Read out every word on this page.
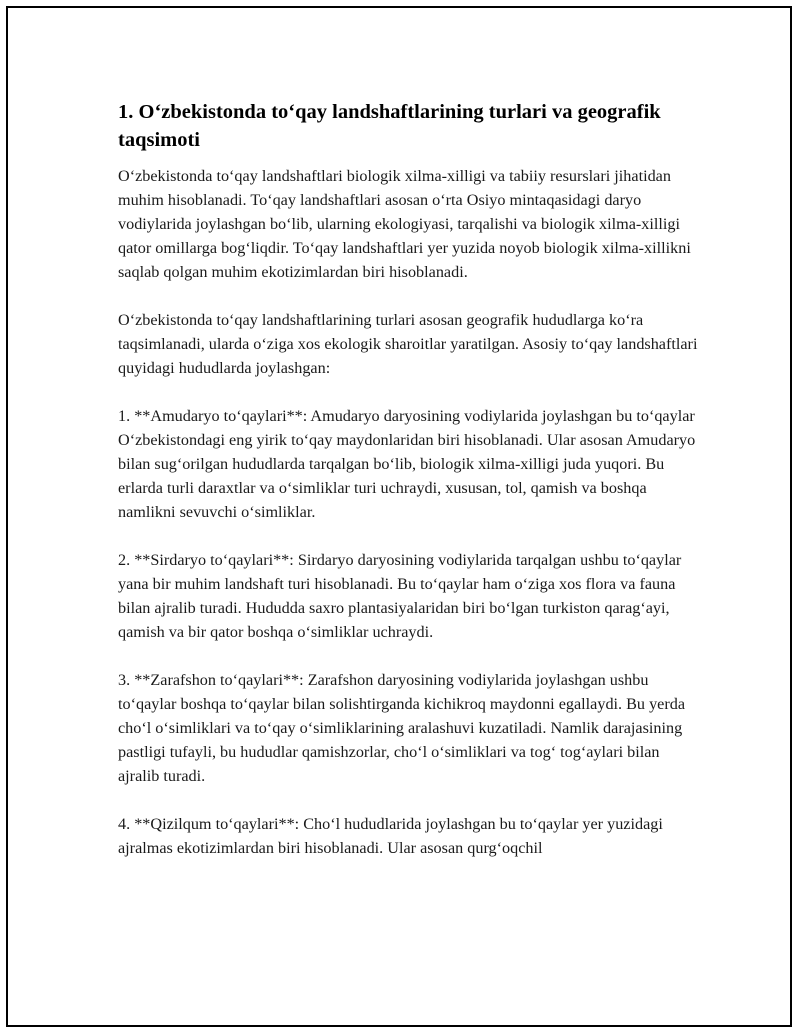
1. O‘zbekistonda to‘qay landshaftlarining turlari va geografik taqsimoti

O‘zbekistonda to‘qay landshaftlari biologik xilma-xilligi va tabiiy resurslari jihatidan muhim hisoblanadi. To‘qay landshaftlari asosan o‘rta Osiyo mintaqasidagi daryo vodiylarida joylashgan bo‘lib, ularning ekologiyasi, tarqalishi va biologik xilma-xilligi qator omillarga bog‘liqdir. To‘qay landshaftlari yer yuzida noyob biologik xilma-xillikni saqlab qolgan muhim ekotizimlardan biri hisoblanadi.

O‘zbekistonda to‘qay landshaftlarining turlari asosan geografik hududlarga ko‘ra taqsimlanadi, ularda o‘ziga xos ekologik sharoitlar yaratilgan. Asosiy to‘qay landshaftlari quyidagi hududlarda joylashgan:

1. **Amudaryo to‘qaylari**: Amudaryo daryosining vodiylarida joylashgan bu to‘qaylar O‘zbekistondagi eng yirik to‘qay maydonlaridan biri hisoblanadi. Ular asosan Amudaryo bilan sug‘orilgan hududlarda tarqalgan bo‘lib, biologik xilma-xilligi juda yuqori. Bu erlarda turli daraxtlar va o‘simliklar turi uchraydi, xususan, tol, qamish va boshqa namlikni sevuvchi o‘simliklar.

2. **Sirdaryo to‘qaylari**: Sirdaryo daryosining vodiylarida tarqalgan ushbu to‘qaylar yana bir muhim landshaft turi hisoblanadi. Bu to‘qaylar ham o‘ziga xos flora va fauna bilan ajralib turadi. Hududda saxro plantasiyalaridan biri bo‘lgan turkiston qarag‘ayi, qamish va bir qator boshqa o‘simliklar uchraydi.

3. **Zarafshon to‘qaylari**: Zarafshon daryosining vodiylarida joylashgan ushbu to‘qaylar boshqa to‘qaylar bilan solishtirganda kichikroq maydonni egallaydi. Bu yerda cho‘l o‘simliklari va to‘qay o‘simliklarining aralashuvi kuzatiladi. Namlik darajasining pastligi tufayli, bu hududlar qamishzorlar, cho‘l o‘simliklari va tog‘ tog‘aylari bilan ajralib turadi.

4. **Qizilqum to‘qaylari**: Cho‘l hududlarida joylashgan bu to‘qaylar yer yuzidagi ajralmas ekotizimlardan biri hisoblanadi. Ular asosan qurg‘oqchil
